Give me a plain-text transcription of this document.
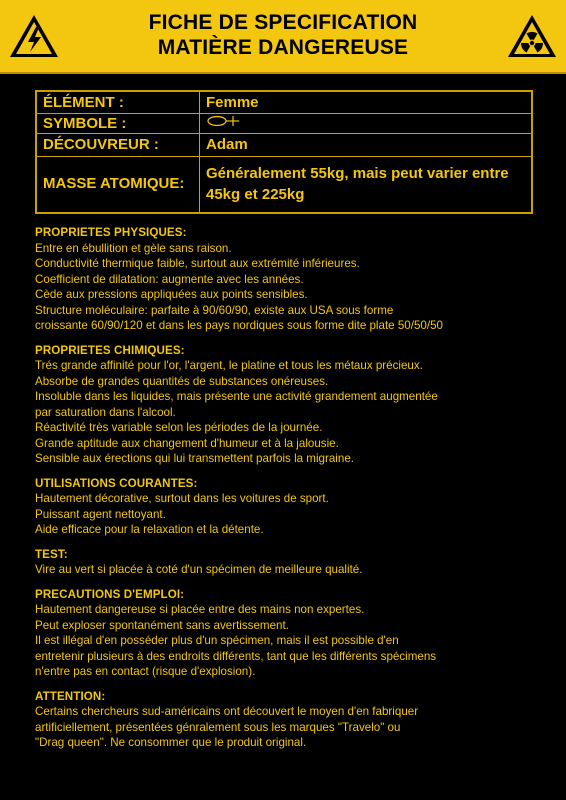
FICHE DE SPECIFICATION
MATIÈRE DANGEREUSE
ÉLÉMENT :	Femme
SYMBOLE :	
DÉCOUVREUR :	Adam
MASSE ATOMIQUE:	Généralement 55kg, mais peut varier entre 45kg et 225kg
PROPRIETES PHYSIQUES:
Entre en ébullition et gèle sans raison.
Conductivité thermique faible, surtout aux extrémité inférieures.
Coefficient de dilatation: augmente avec les années.
Cède aux pressions appliquées aux points sensibles.
Structure moléculaire: parfaite à 90/60/90, existe aux USA sous forme
croissante 60/90/120 et dans les pays nordiques sous forme dite plate 50/50/50
PROPRIETES CHIMIQUES:
Trés grande affinité pour l'or, l'argent, le platine et tous les métaux précieux.
Absorbe de grandes quantités de substances onéreuses.
Insoluble dans les liquides, mais présente une activité grandement augmentée
par saturation dans l'alcool.
Réactivité très variable selon les périodes de la journée.
Grande aptitude aux changement d'humeur et à la jalousie.
Sensible aux érections qui lui transmettent parfois la migraine.
UTILISATIONS COURANTES:
Hautement décorative, surtout dans les voitures de sport.
Puissant agent nettoyant.
Aide efficace pour la relaxation et la détente.
TEST:
Vire au vert si placée à coté d'un spécimen de meilleure qualité.
PRECAUTIONS D'EMPLOI:
Hautement dangereuse si placée entre des mains non expertes.
Peut exploser spontanément sans avertissement.
Il est illégal d'en posséder plus d'un spécimen, mais il est possible d'en
entretenir plusieurs à des endroits différents, tant que les différents spécimens
n'entre pas en contact (risque d'explosion).
ATTENTION:
Certains chercheurs sud-américains ont découvert le moyen d'en fabriquer
artificiellement, présentées génralement sous les marques "Travelo" ou
"Drag queen". Ne consommer que le produit original.
